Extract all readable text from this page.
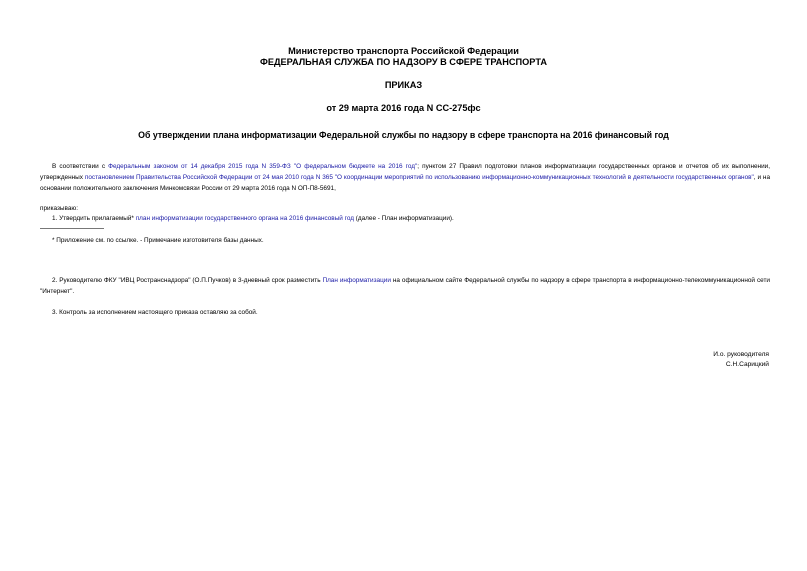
Министерство транспорта Российской Федерации
ФЕДЕРАЛЬНАЯ СЛУЖБА ПО НАДЗОРУ В СФЕРЕ ТРАНСПОРТА
ПРИКАЗ
от 29 марта 2016 года N СС-275фс
Об утверждении плана информатизации Федеральной службы по надзору в сфере транспорта на 2016 финансовый год
В соответствии с Федеральным законом от 14 декабря 2015 года N 359-ФЗ "О федеральном бюджете на 2016 год"; пунктом 27 Правил подготовки планов информатизации государственных органов и отчетов об их выполнении, утвержденных постановлением Правительства Российской Федерации от 24 мая 2010 года N 365 "О координации мероприятий по использованию информационно-коммуникационных технологий в деятельности государственных органов", и на основании положительного заключения Минкомсвязи России от 29 марта 2016 года N ОП-П8-5691,
приказываю:
1. Утвердить прилагаемый* план информатизации государственного органа на 2016 финансовый год (далее - План информатизации).
* Приложение см. по ссылке. - Примечание изготовителя базы данных.
2. Руководителю ФКУ "ИВЦ Ространснадзора" (О.П.Пучков) в 3-дневный срок разместить План информатизации на официальном сайте Федеральной службы по надзору в сфере транспорта в информационно-телекоммуникационной сети "Интернет".
3. Контроль за исполнением настоящего приказа оставляю за собой.
И.о. руководителя
С.Н.Сарицкий
